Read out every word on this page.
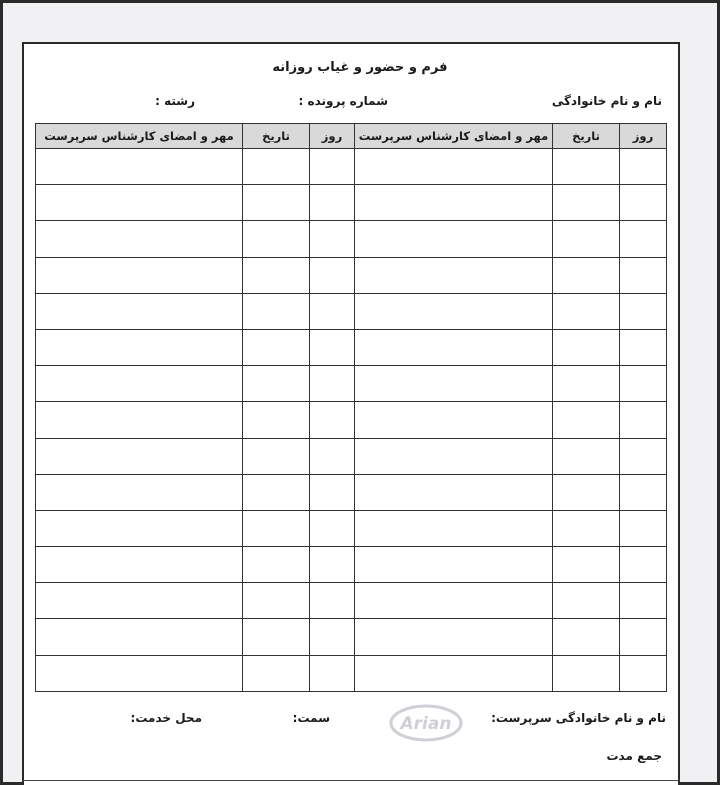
فرم و حضور و غیاب روزانه
نام و نام خانوادگی
شماره پرونده :
رشته :
روز	تاریخ	مهر و امضای کارشناس سرپرست	روز	تاریخ	مهر و امضای کارشناس سرپرست

نام و نام خانوادگی سرپرست:
سمت:
محل خدمت:	Arian
جمع مدت
